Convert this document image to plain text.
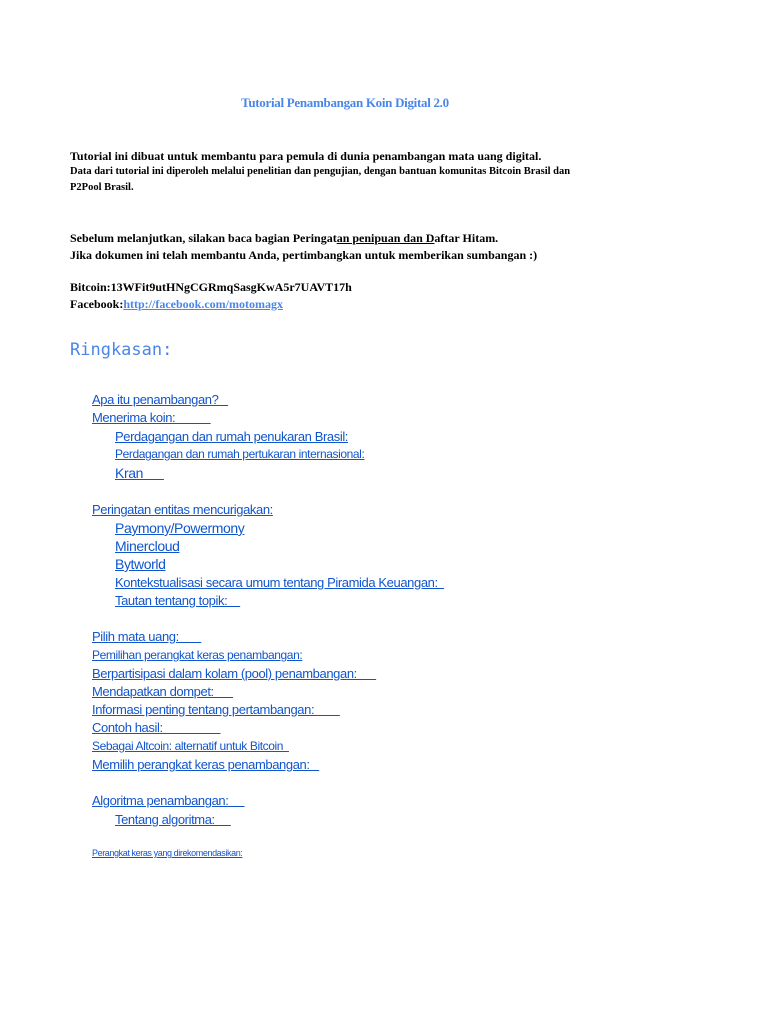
Tutorial Penambangan Koin Digital 2.0
Tutorial ini dibuat untuk membantu para pemula di dunia penambangan mata uang digital.
Data dari tutorial ini diperoleh melalui penelitian dan pengujian, dengan bantuan komunitas Bitcoin Brasil dan
P2Pool Brasil.
Sebelum melanjutkan, silakan baca bagian Peringatan penipuan dan Daftar Hitam.
Jika dokumen ini telah membantu Anda, pertimbangkan untuk memberikan sumbangan :)
Bitcoin:13WFit9utHNgCGRmqSasgKwA5r7UAVT17h
Facebook:http://facebook.com/motomagx
Ringkasan:
Apa itu penambangan?
Menerima koin:
Perdagangan dan rumah penukaran Brasil:
Perdagangan dan rumah pertukaran internasional:
Kran
Peringatan entitas mencurigakan:
Paymony/Powermony
Minercloud
Bytworld
Kontekstualisasi secara umum tentang Piramida Keuangan:
Tautan tentang topik:
Pilih mata uang:
Pemilihan perangkat keras penambangan:
Berpartisipasi dalam kolam (pool) penambangan:
Mendapatkan dompet:
Informasi penting tentang pertambangan:
Contoh hasil:
Sebagai Altcoin: alternatif untuk Bitcoin
Memilih perangkat keras penambangan:
Algoritma penambangan:
Tentang algoritma:
Perangkat keras yang direkomendasikan:
